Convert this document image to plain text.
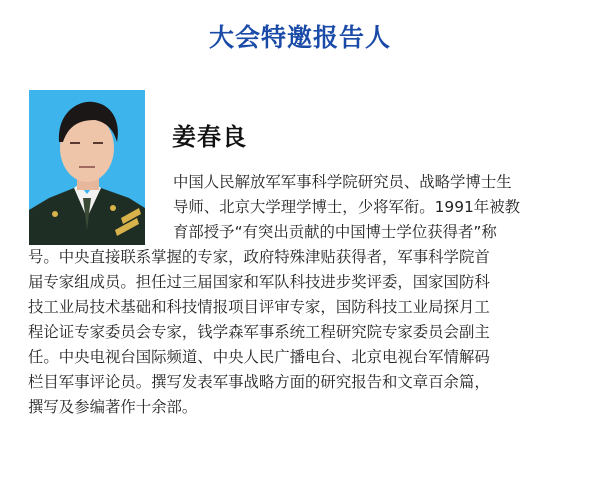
大会特邀报告人
姜春良
中国人民解放军军事科学院研究员、战略学博士生
导师、北京大学理学博士，少将军衔。1991年被教
育部授予“有突出贡献的中国博士学位获得者”称
号。中央直接联系掌握的专家，政府特殊津贴获得者，军事科学院首
届专家组成员。担任过三届国家和军队科技进步奖评委，国家国防科
技工业局技术基础和科技情报项目评审专家，国防科技工业局探月工
程论证专家委员会专家，钱学森军事系统工程研究院专家委员会副主
任。中央电视台国际频道、中央人民广播电台、北京电视台军情解码
栏目军事评论员。撰写发表军事战略方面的研究报告和文章百余篇，
撰写及参编著作十余部。
